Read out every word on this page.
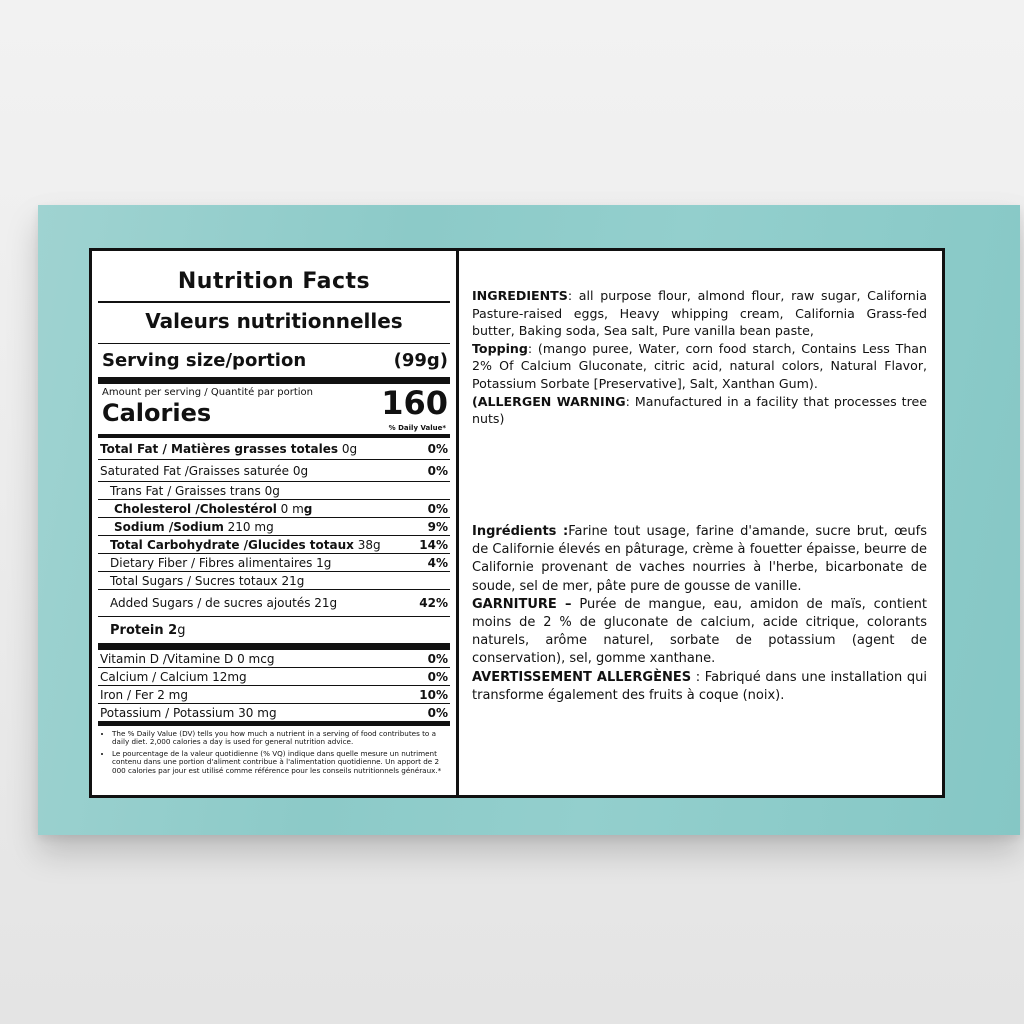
Nutrition Facts
Valeurs nutritionnelles
Serving size/portion	(99g)
Amount per serving / Quantité par portion
Calories	160
% Daily Value*
Total Fat / Matières grasses totales 0g	0%
Saturated Fat /Graisses saturée 0g	0%
Trans Fat / Graisses trans 0g
Cholesterol /Cholestérol 0 mg	0%
Sodium /Sodium 210 mg	9%
Total Carbohydrate /Glucides totaux 38g	14%
Dietary Fiber / Fibres alimentaires 1g	4%
Total Sugars / Sucres totaux 21g
Added Sugars / de sucres ajoutés 21g	42%
Protein 2g
Vitamin D /Vitamine D 0 mcg	0%
Calcium / Calcium 12mg	0%
Iron / Fer 2 mg	10%
Potassium / Potassium 30 mg	0%
• The % Daily Value (DV) tells you how much a nutrient in a serving of food contributes to a daily diet. 2,000 calories a day is used for general nutrition advice.
• Le pourcentage de la valeur quotidienne (% VQ) indique dans quelle mesure un nutriment contenu dans une portion d'aliment contribue à l'alimentation quotidienne. Un apport de 2 000 calories par jour est utilisé comme référence pour les conseils nutritionnels généraux.*

INGREDIENTS: all purpose flour, almond flour, raw sugar, California Pasture-raised eggs, Heavy whipping cream, California Grass-fed butter, Baking soda, Sea salt, Pure vanilla bean paste,

Topping: (mango puree, Water, corn food starch, Contains Less Than 2% Of Calcium Gluconate, citric acid, natural colors, Natural Flavor, Potassium Sorbate [Preservative], Salt, Xanthan Gum).

(ALLERGEN WARNING: Manufactured in a facility that processes tree nuts)

Ingrédients :Farine tout usage, farine d'amande, sucre brut, œufs de Californie élevés en pâturage, crème à fouetter épaisse, beurre de Californie provenant de vaches nourries à l'herbe, bicarbonate de soude, sel de mer, pâte pure de gousse de vanille.

GARNITURE – Purée de mangue, eau, amidon de maïs, contient moins de 2 % de gluconate de calcium, acide citrique, colorants naturels, arôme naturel, sorbate de potassium (agent de conservation), sel, gomme xanthane.

AVERTISSEMENT ALLERGÈNES : Fabriqué dans une installation qui transforme également des fruits à coque (noix).
